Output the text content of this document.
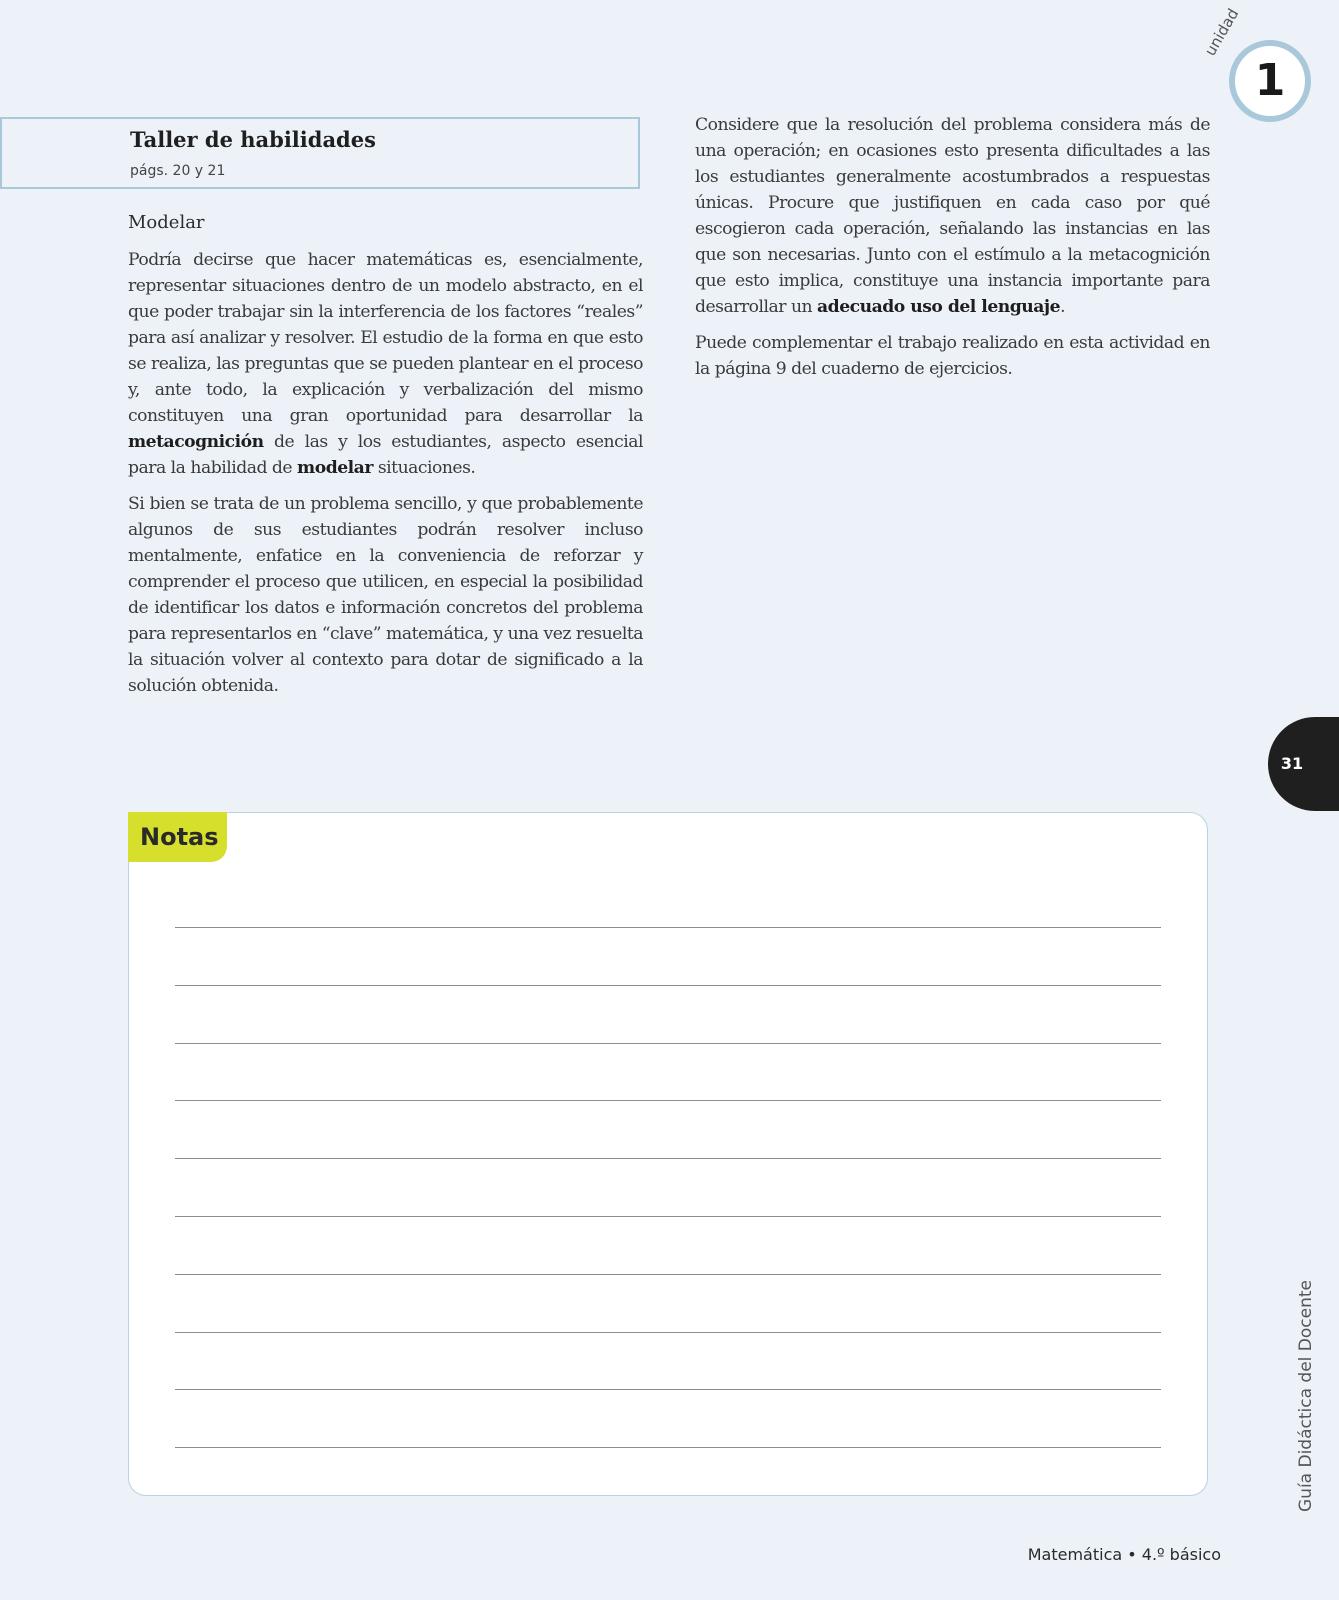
1
unidad
Taller de habilidades
págs. 20 y 21

Modelar

Podría decirse que hacer matemáticas es, esencialmente, representar situaciones dentro de un modelo abstracto, en el que poder trabajar sin la interferencia de los factores “reales” para así analizar y resolver. El estudio de la forma en que esto se realiza, las preguntas que se pueden plantear en el proceso y, ante todo, la explicación y verbalización del mismo constituyen una gran oportunidad para desarrollar la metacognición de las y los estudiantes, aspecto esencial para la habilidad de modelar situaciones.

Si bien se trata de un problema sencillo, y que probablemente algunos de sus estudiantes podrán resolver incluso mentalmente, enfatice en la conveniencia de reforzar y comprender el proceso que utilicen, en especial la posibilidad de identificar los datos e información concretos del problema para representarlos en “clave” matemática, y una vez resuelta la situación volver al contexto para dotar de significado a la solución obtenida.

Considere que la resolución del problema considera más de una operación; en ocasiones esto presenta dificultades a las los estudiantes generalmente acostumbrados a respuestas únicas. Procure que justifiquen en cada caso por qué escogieron cada operación, señalando las instancias en las que son necesarias. Junto con el estímulo a la metacognición que esto implica, constituye una instancia importante para desarrollar un adecuado uso del lenguaje.

Puede complementar el trabajo realizado en esta actividad en la página 9 del cuaderno de ejercicios.

31
Notas
Guía Didáctica del Docente
Matemática • 4.º básico
